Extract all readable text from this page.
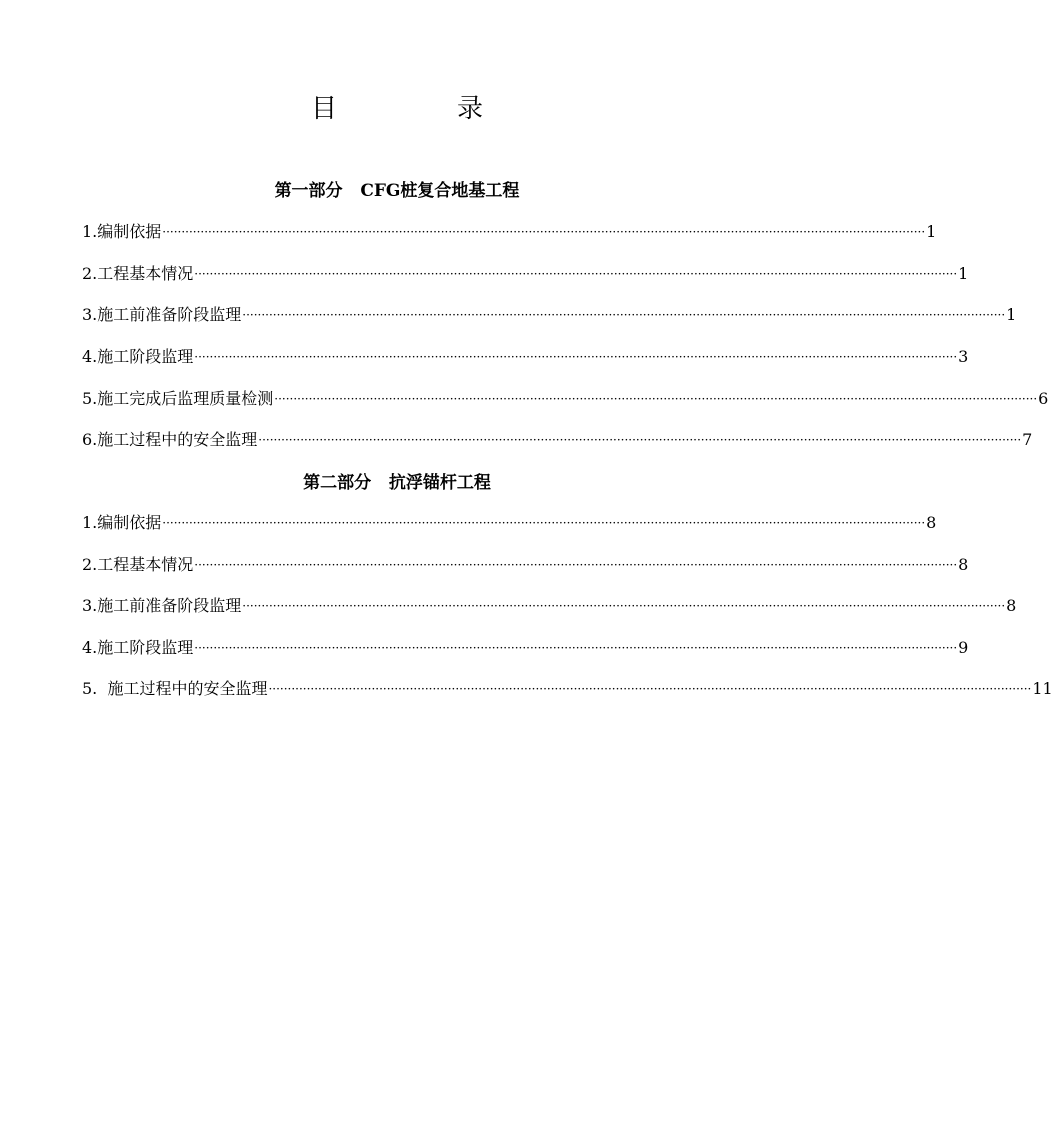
目	录
第一部分   CFG桩复合地基工程
1.编制依据 ········································································································································································································ 1
2.工程基本情况 ········································································································································································································ 1
3.施工前准备阶段监理 ········································································································································································································ 1
4.施工阶段监理 ········································································································································································································ 3
5.施工完成后监理质量检测 ········································································································································································································ 6
6.施工过程中的安全监理 ········································································································································································································ 7
第二部分   抗浮锚杆工程
1.编制依据 ········································································································································································································ 8
2.工程基本情况 ········································································································································································································ 8
3.施工前准备阶段监理 ········································································································································································································ 8
4.施工阶段监理 ········································································································································································································ 9
5.  施工过程中的安全监理 ········································································································································································································ 11
